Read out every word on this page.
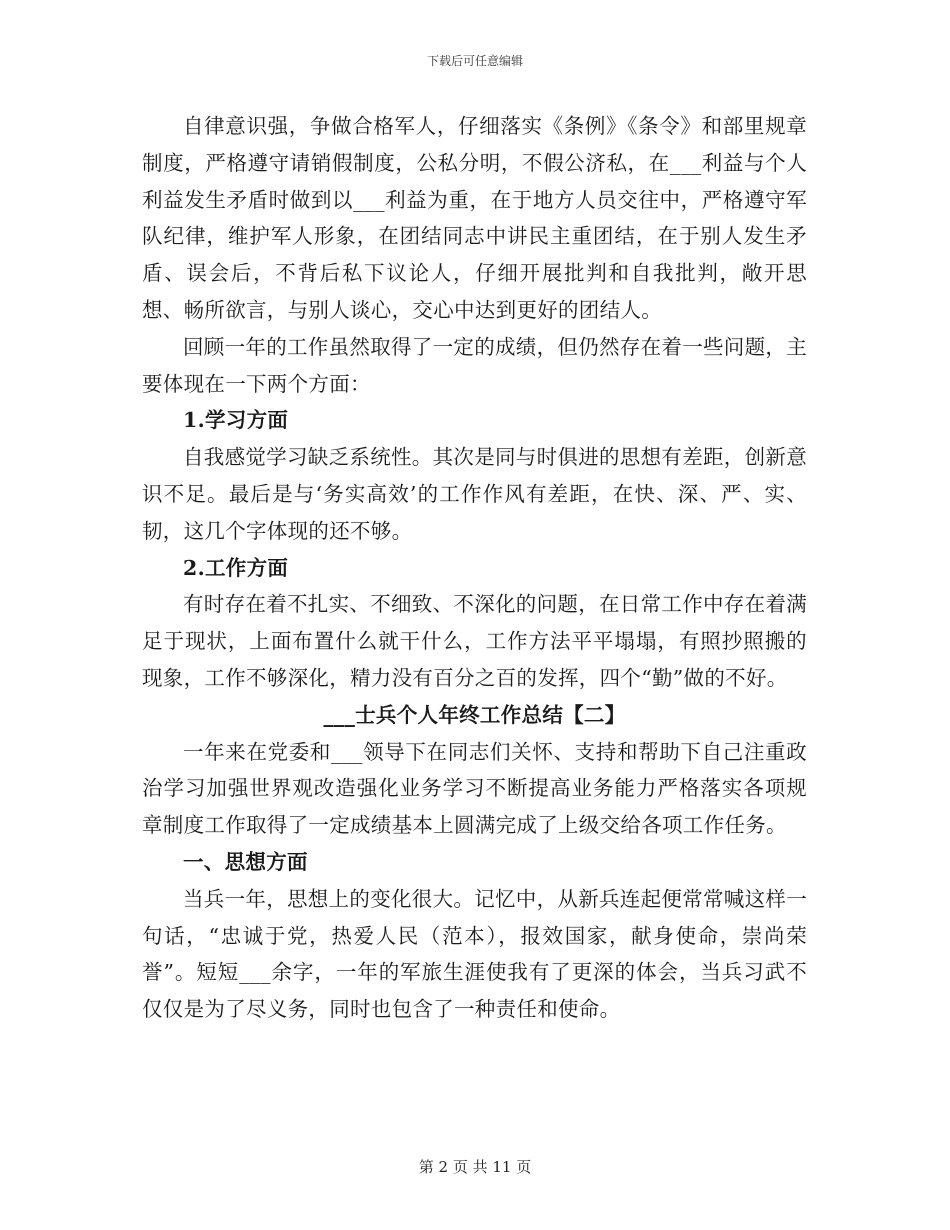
下载后可任意编辑

自律意识强，争做合格军人，仔细落实《条例》《条令》和部里规章制度，严格遵守请销假制度，公私分明，不假公济私，在___利益与个人利益发生矛盾时做到以___利益为重，在于地方人员交往中，严格遵守军队纪律，维护军人形象，在团结同志中讲民主重团结，在于别人发生矛盾、误会后，不背后私下议论人，仔细开展批判和自我批判，敞开思想、畅所欲言，与别人谈心，交心中达到更好的团结人。

回顾一年的工作虽然取得了一定的成绩，但仍然存在着一些问题，主要体现在一下两个方面：

1.学习方面

自我感觉学习缺乏系统性。其次是同与时俱进的思想有差距，创新意识不足。最后是与‘务实高效’的工作作风有差距，在快、深、严、实、韧，这几个字体现的还不够。

2.工作方面

有时存在着不扎实、不细致、不深化的问题，在日常工作中存在着满足于现状，上面布置什么就干什么，工作方法平平塌塌，有照抄照搬的现象，工作不够深化，精力没有百分之百的发挥，四个“勤”做的不好。

___士兵个人年终工作总结【二】

一年来在党委和___领导下在同志们关怀、支持和帮助下自己注重政治学习加强世界观改造强化业务学习不断提高业务能力严格落实各项规章制度工作取得了一定成绩基本上圆满完成了上级交给各项工作任务。

一、思想方面

当兵一年，思想上的变化很大。记忆中，从新兵连起便常常喊这样一句话，“忠诚于党，热爱人民（范本），报效国家，献身使命，崇尚荣誉”。短短___余字，一年的军旅生涯使我有了更深的体会，当兵习武不仅仅是为了尽义务，同时也包含了一种责任和使命。

第 2 页 共 11 页
